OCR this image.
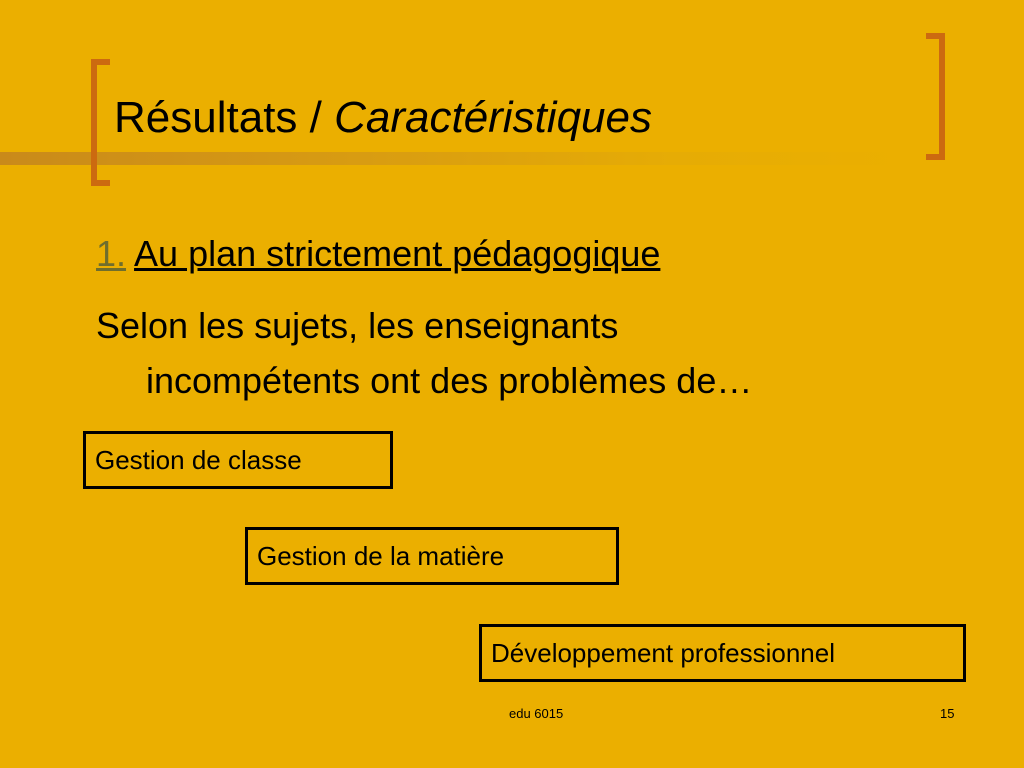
Résultats / Caractéristiques
1. Au plan strictement pédagogique

Selon les sujets, les enseignants
incompétents ont des problèmes de…

Gestion de classe
Gestion de la matière
Développement professionnel
edu 6015	15
